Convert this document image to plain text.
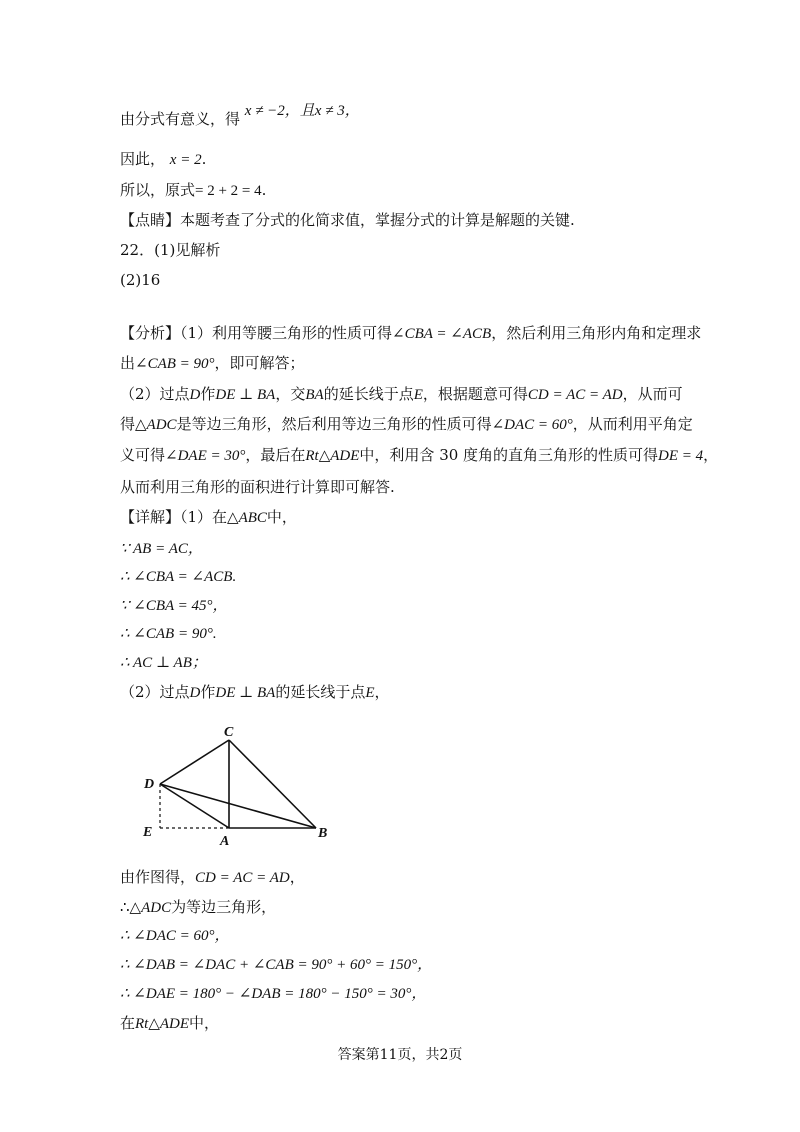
由分式有意义，得 x ≠ −2，且x ≠ 3，
因此， x = 2.
所以，原式= 2 + 2 = 4.
【点睛】本题考查了分式的化简求值，掌握分式的计算是解题的关键.
22．(1)见解析
(2)16
【分析】（1）利用等腰三角形的性质可得∠CBA = ∠ACB，然后利用三角形内角和定理求
出∠CAB = 90°，即可解答；
（2）过点D作DE ⊥ BA，交BA的延长线于点E，根据题意可得CD = AC = AD，从而可
得△ADC是等边三角形，然后利用等边三角形的性质可得∠DAC = 60°，从而利用平角定
义可得∠DAE = 30°，最后在Rt△ADE中，利用含 30 度角的直角三角形的性质可得DE = 4，
从而利用三角形的面积进行计算即可解答.
【详解】（1）在△ABC中，
∵ AB = AC，
∴ ∠CBA = ∠ACB.
∵ ∠CBA = 45°，
∴ ∠CAB = 90°.
∴ AC ⊥ AB；
（2）过点D作DE ⊥ BA的延长线于点E，
C
D
E
A
B
由作图得，CD = AC = AD，
∴△ADC为等边三角形，
∴ ∠DAC = 60°，
∴ ∠DAB = ∠DAC + ∠CAB = 90° + 60° = 150°，
∴ ∠DAE = 180° − ∠DAB = 180° − 150° = 30°，
在Rt△ADE中，
答案第11页，共2页
